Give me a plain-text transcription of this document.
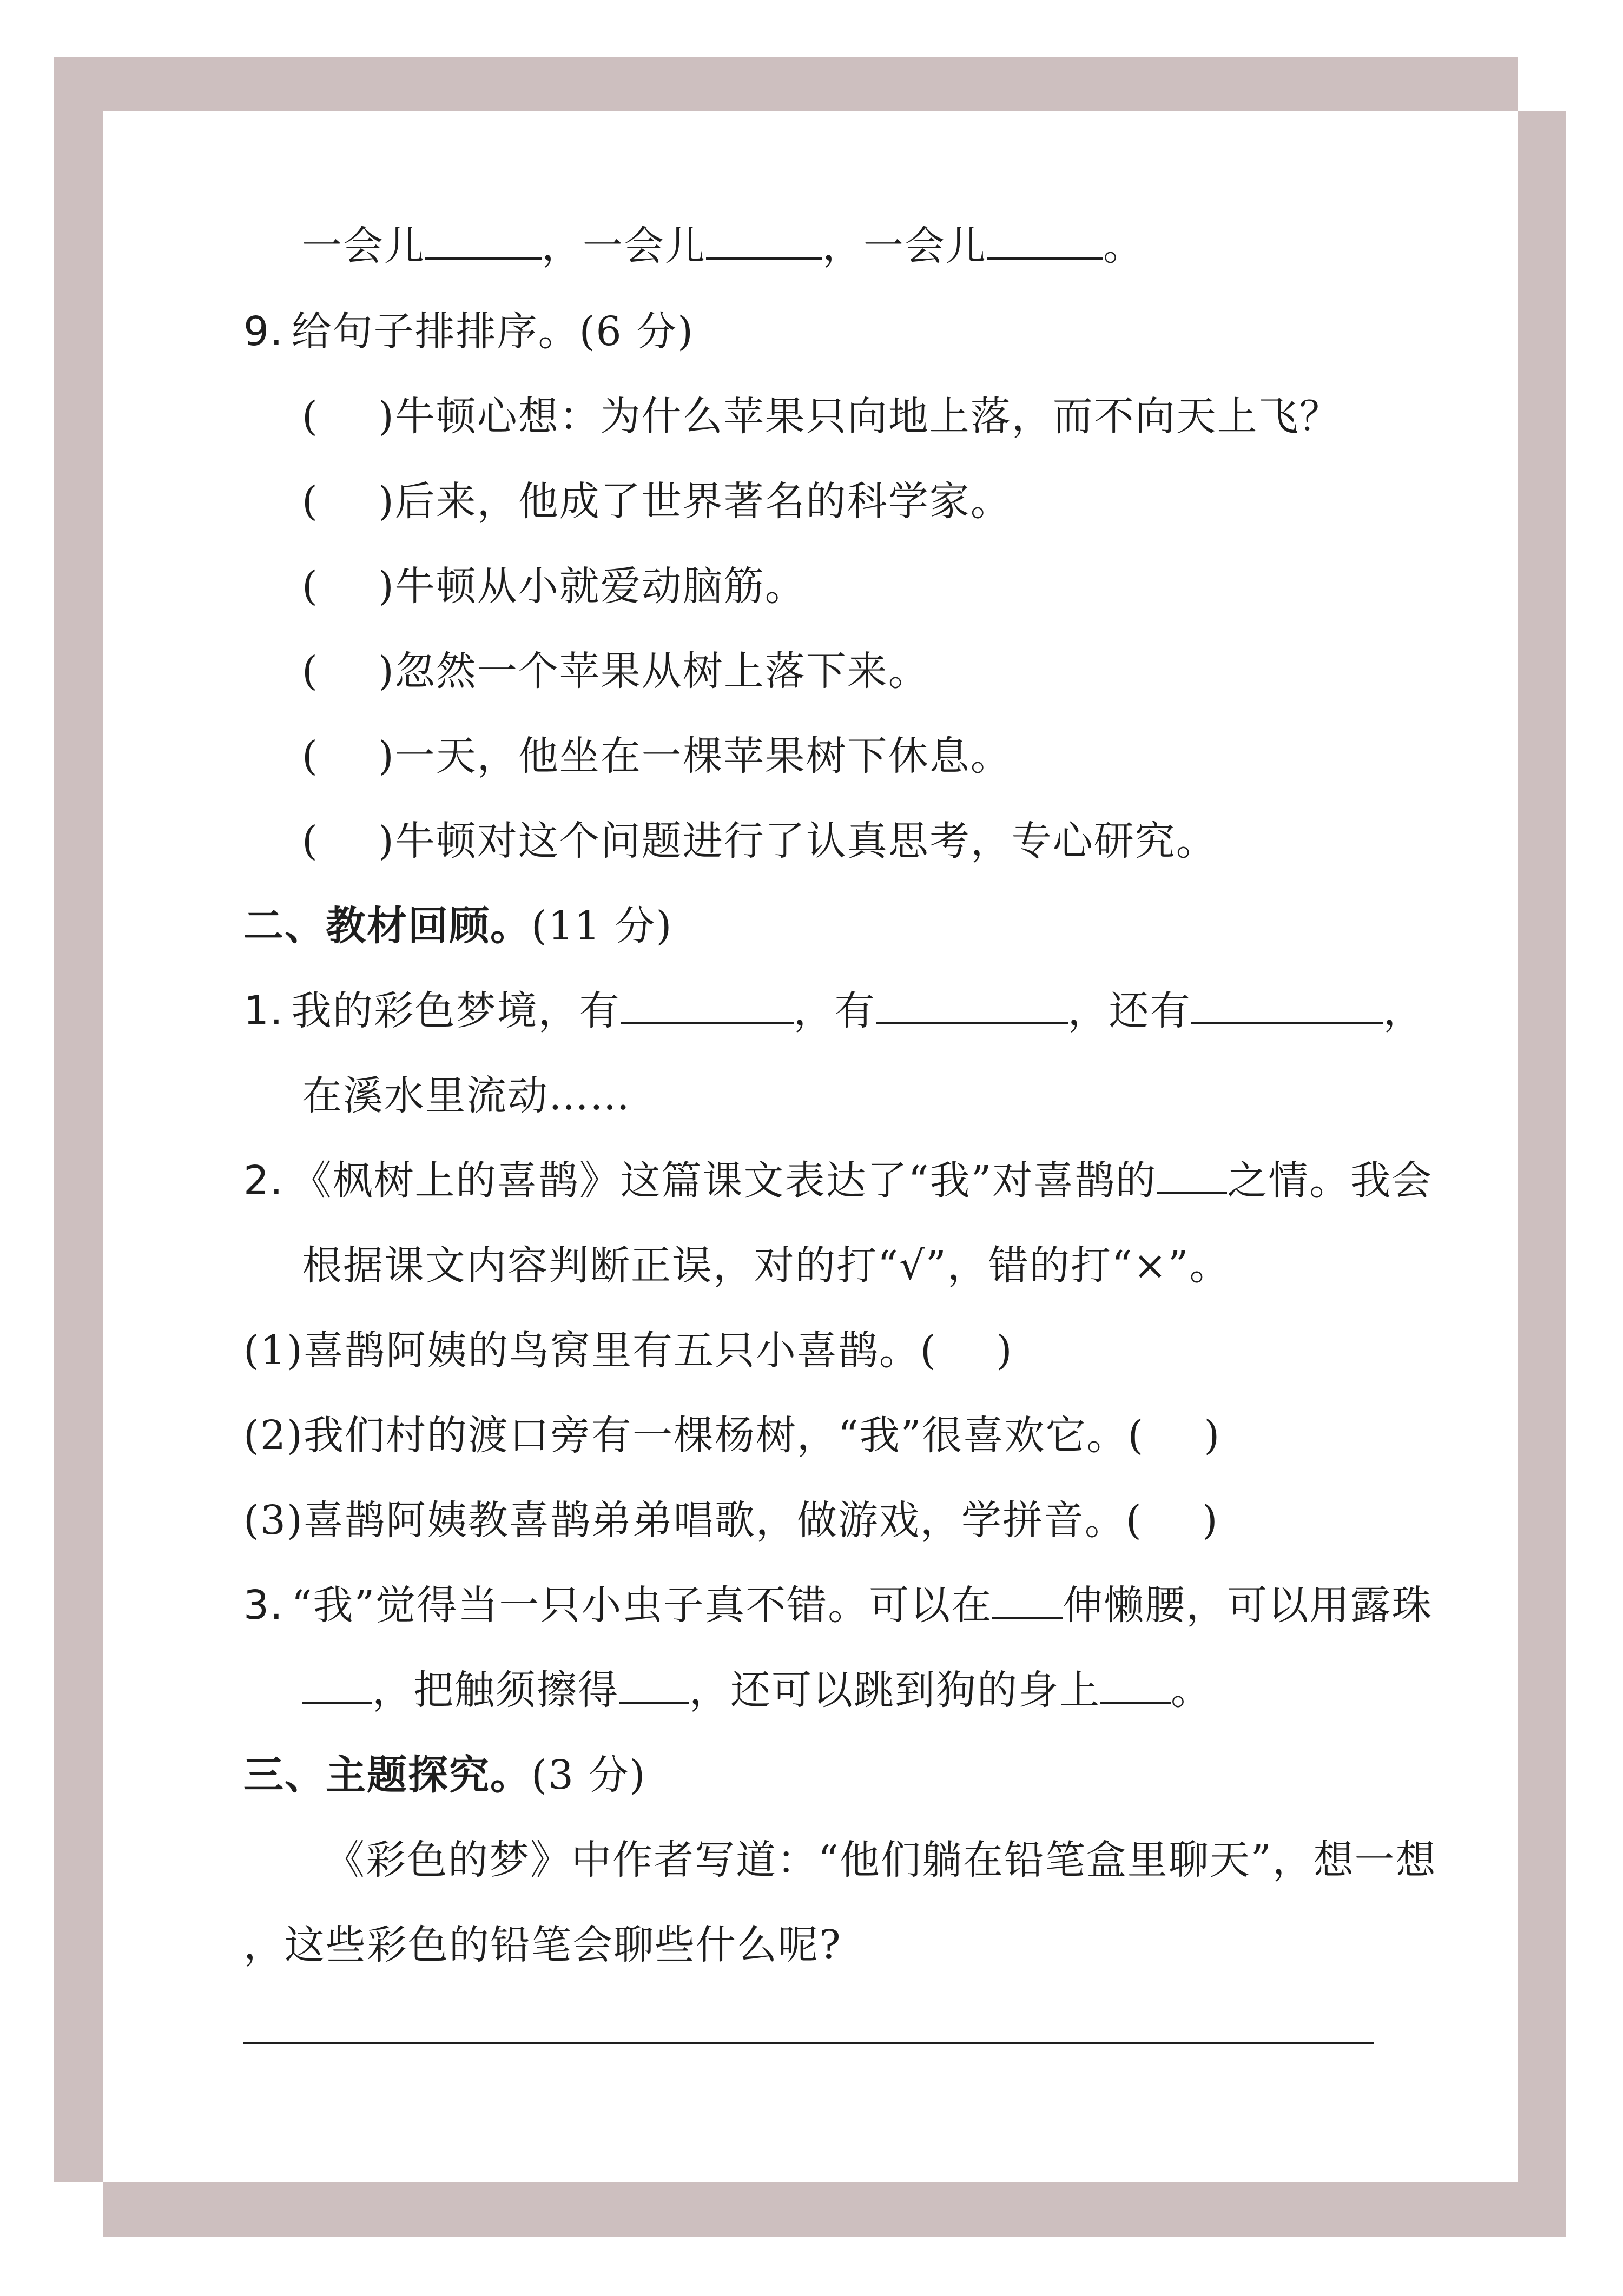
一会儿	，一会儿	，一会儿	。
9. 给句子排排序。(6 分)
( )牛顿心想：为什么苹果只向地上落，而不向天上飞？
( )后来，他成了世界著名的科学家。
( )牛顿从小就爱动脑筋。
( )忽然一个苹果从树上落下来。
( )一天，他坐在一棵苹果树下休息。
( )牛顿对这个问题进行了认真思考，专心研究。
二、教材回顾。(11 分)
1. 我的彩色梦境，有	，有	，还有	，
在溪水里流动……
2. 《枫树上的喜鹊》这篇课文表达了“我”对喜鹊的 之情。我会
根据课文内容判断正误，对的打“√”，错的打“×”。
(1)喜鹊阿姨的鸟窝里有五只小喜鹊。( )
(2)我们村的渡口旁有一棵杨树，“我”很喜欢它。( )
(3)喜鹊阿姨教喜鹊弟弟唱歌，做游戏，学拼音。( )
3. “我”觉得当一只小虫子真不错。可以在 伸懒腰，可以用露珠
，把触须擦得 ，还可以跳到狗的身上 。
三、主题探究。(3 分)
《彩色的梦》中作者写道：“他们躺在铅笔盒里聊天”，想一想
，这些彩色的铅笔会聊些什么呢?
